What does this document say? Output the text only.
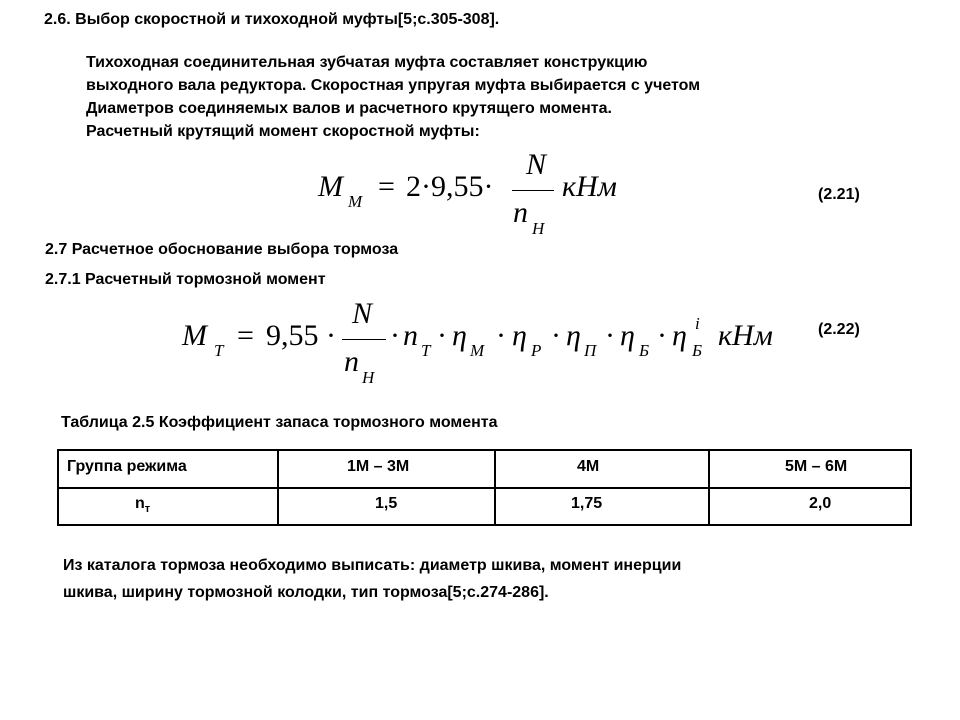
2.6. Выбор скоростной и тихоходной муфты[5;с.305-308].
Тихоходная соединительная зубчатая муфта составляет конструкцию
выходного вала редуктора. Скоростная упругая муфта выбирается с учетом
Диаметров соединяемых валов и расчетного крутящего момента.
Расчетный крутящий момент скоростной муфты:
M M = 2·9,55·
N
n H
кНм	(2.21)
2.7 Расчетное обоснование выбора тормоза
2.7.1 Расчетный тормозной момент
M T = 9,55 ·
N
n H
· n T · η M · η P · η П · η Б · η Б
i кНм	(2.22)
Таблица 2.5 Коэффициент запаса тормозного момента
Группа режима	1М – 3М	4М	5М – 6М
$n_т$	1,5	1,75	2,0
Из каталога тормоза необходимо выписать: диаметр шкива, момент инерции
шкива, ширину тормозной колодки, тип тормоза[5;с.274-286].
